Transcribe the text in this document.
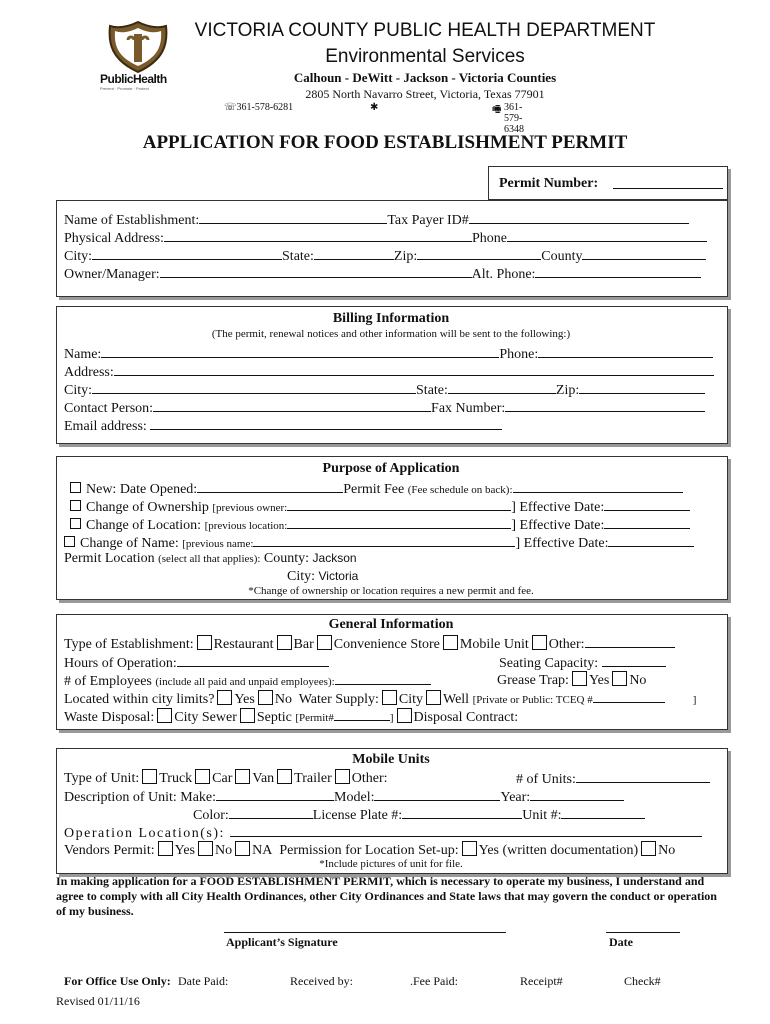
PublicHealth
Prevent · Promote · Protect
VICTORIA COUNTY PUBLIC HEALTH DEPARTMENT
Environmental Services
Calhoun - DeWitt - Jackson - Victoria Counties
2805 North Navarro Street, Victoria, Texas 77901
☏361-578-6281	✱	🖷 361-579-6348
APPLICATION FOR FOOD ESTABLISHMENT PERMIT
Permit Number:
Name of Establishment:	Tax Payer ID#
Physical Address:	Phone
City:	State:	Zip:	County
Owner/Manager:	Alt. Phone:
Billing Information
(The permit, renewal notices and other information will be sent to the following:)
Name:	Phone:
Address:
City:	State:	Zip:
Contact Person:	Fax Number:
Email address:
Purpose of Application
New: Date Opened:	Permit Fee (Fee schedule on back):
Change of Ownership [previous owner:	] Effective Date:
Change of Location: [previous location:	] Effective Date:
Change of Name: [previous name:	] Effective Date:
Permit Location (select all that applies): County: Jackson
City: Victoria
*Change of ownership or location requires a new permit and fee.
General Information
Type of Establishment: Restaurant Bar Convenience Store Mobile Unit Other:
Hours of Operation:	Seating Capacity:
# of Employees (include all paid and unpaid employees):	Grease Trap: Yes No
Located within city limits? Yes No Water Supply: City Well [Private or Public: TCEQ #	]
Waste Disposal: City Sewer Septic [Permit#	] Disposal Contract:
Mobile Units
Type of Unit: Truck Car Van Trailer Other:	# of Units:
Description of Unit: Make:	Model:	Year:
Color:	License Plate #:	Unit #:
Operation Location(s):
Vendors Permit: Yes No NA Permission for Location Set-up: Yes (written documentation) No
*Include pictures of unit for file.
In making application for a FOOD ESTABLISHMENT PERMIT, which is necessary to operate my business, I understand and agree to comply with all City Health Ordinances, other City Ordinances and State laws that may govern the conduct or operation of my business.
Applicant’s Signature	Date
For Office Use Only: Date Paid:	Received by:	.Fee Paid:	Receipt#	Check#
Revised 01/11/16
